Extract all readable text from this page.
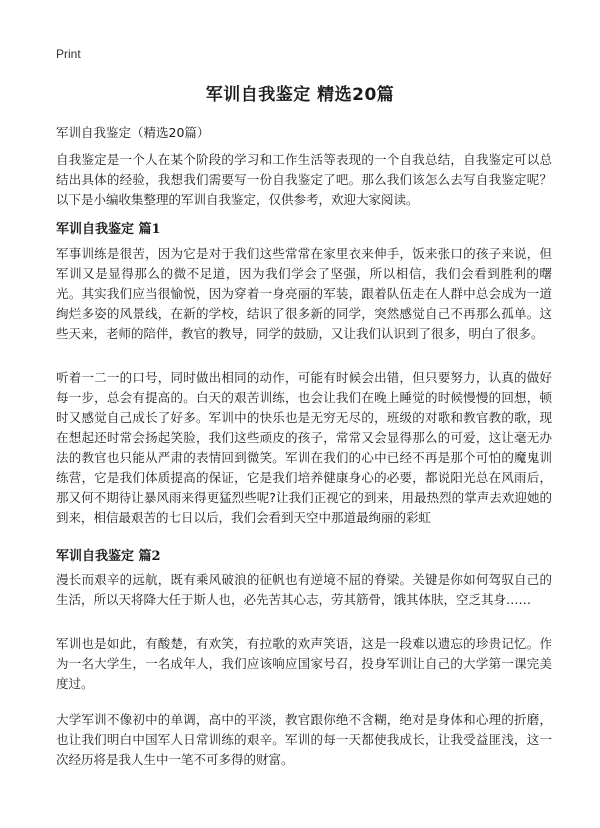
Print
军训自我鉴定 精选20篇
军训自我鉴定（精选20篇）

自我鉴定是一个人在某个阶段的学习和工作生活等表现的一个自我总结，自我鉴定可以总结出具体的经验，我想我们需要写一份自我鉴定了吧。那么我们该怎么去写自我鉴定呢？以下是小编收集整理的军训自我鉴定，仅供参考，欢迎大家阅读。

军训自我鉴定 篇1

军事训练是很苦，因为它是对于我们这些常常在家里衣来伸手，饭来张口的孩子来说，但军训又是显得那么的微不足道，因为我们学会了坚强，所以相信，我们会看到胜利的曙光。其实我们应当很愉悦，因为穿着一身亮丽的军装，跟着队伍走在人群中总会成为一道绚烂多姿的风景线，在新的学校，结识了很多新的同学，突然感觉自己不再那么孤单。这些天来，老师的陪伴，教官的教导，同学的鼓励，又让我们认识到了很多，明白了很多。

听着一二一的口号，同时做出相同的动作，可能有时候会出错，但只要努力，认真的做好每一步，总会有提高的。白天的艰苦训练，也会让我们在晚上睡觉的时候慢慢的回想，顿时又感觉自己成长了好多。军训中的快乐也是无穷无尽的，班级的对歌和教官教的歌，现在想起还时常会扬起笑脸，我们这些顽皮的孩子，常常又会显得那么的可爱，这让毫无办法的教官也只能从严肃的表情回到微笑。军训在我们的心中已经不再是那个可怕的魔鬼训练营，它是我们体质提高的保证，它是我们培养健康身心的必要，都说阳光总在风雨后，那又何不期待让暴风雨来得更猛烈些呢?让我们正视它的到来，用最热烈的掌声去欢迎她的到来，相信最艰苦的七日以后，我们会看到天空中那道最绚丽的彩虹

军训自我鉴定 篇2

漫长而艰辛的远航，既有乘风破浪的征帆也有逆境不屈的脊梁。关键是你如何驾驭自己的生活，所以天将降大任于斯人也，必先苦其心志，劳其筋骨，饿其体肤，空乏其身……

军训也是如此，有酸楚，有欢笑，有拉歌的欢声笑语，这是一段难以遗忘的珍贵记忆。作为一名大学生，一名成年人，我们应该响应国家号召，投身军训让自己的大学第一课完美度过。

大学军训不像初中的单调，高中的平淡，教官跟你绝不含糊，绝对是身体和心理的折磨，也让我们明白中国军人日常训练的艰辛。军训的每一天都使我成长，让我受益匪浅，这一次经历将是我人生中一笔不可多得的财富。
